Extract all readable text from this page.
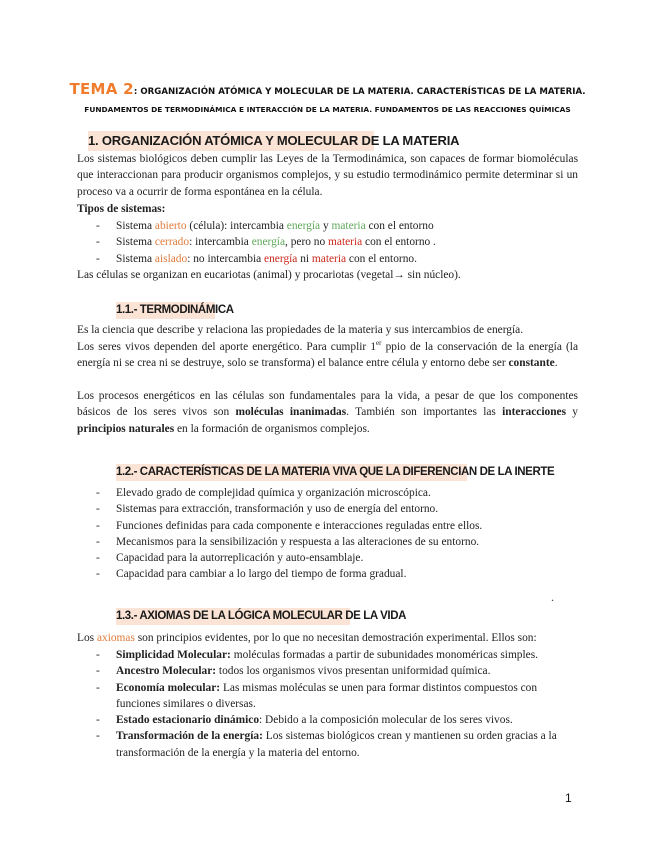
TEMA 2: ORGANIZACIÓN ATÓMICA Y MOLECULAR DE LA MATERIA. CARACTERÍSTICAS DE LA MATERIA.
FUNDAMENTOS DE TERMODINÁMICA E INTERACCIÓN DE LA MATERIA. FUNDAMENTOS DE LAS REACCIONES QUÍMICAS
1. ORGANIZACIÓN ATÓMICA Y MOLECULAR DE LA MATERIA
Los sistemas biológicos deben cumplir las Leyes de la Termodinámica, son capaces de formar biomoléculas que interaccionan para producir organismos complejos, y su estudio termodinámico permite determinar si un proceso va a ocurrir de forma espontánea en la célula.
Tipos de sistemas:
- Sistema abierto (célula): intercambia energía y materia con el entorno
- Sistema cerrado: intercambia energía, pero no materia con el entorno .
- Sistema aislado: no intercambia energía ni materia con el entorno.
Las células se organizan en eucariotas (animal) y procariotas (vegetal→ sin núcleo).
1.1.- TERMODINÁMICA
Es la ciencia que describe y relaciona las propiedades de la materia y sus intercambios de energía.
Los seres vivos dependen del aporte energético. Para cumplir 1er ppio de la conservación de la energía (la energía ni se crea ni se destruye, solo se transforma) el balance entre célula y entorno debe ser constante.
Los procesos energéticos en las células son fundamentales para la vida, a pesar de que los componentes básicos de los seres vivos son moléculas inanimadas. También son importantes las interacciones y principios naturales en la formación de organismos complejos.
1.2.- CARACTERÍSTICAS DE LA MATERIA VIVA QUE LA DIFERENCIAN DE LA INERTE
- Elevado grado de complejidad química y organización microscópica.
- Sistemas para extracción, transformación y uso de energía del entorno.
- Funciones definidas para cada componente e interacciones reguladas entre ellos.
- Mecanismos para la sensibilización y respuesta a las alteraciones de su entorno.
- Capacidad para la autorreplicación y auto-ensamblaje.
- Capacidad para cambiar a lo largo del tiempo de forma gradual.
.
1.3.- AXIOMAS DE LA LÓGICA MOLECULAR DE LA VIDA
Los axiomas son principios evidentes, por lo que no necesitan demostración experimental. Ellos son:
- Simplicidad Molecular: moléculas formadas a partir de subunidades monoméricas simples.
- Ancestro Molecular: todos los organismos vivos presentan uniformidad química.
- Economía molecular: Las mismas moléculas se unen para formar distintos compuestos con funciones similares o diversas.
- Estado estacionario dinámico: Debido a la composición molecular de los seres vivos.
- Transformación de la energía: Los sistemas biológicos crean y mantienen su orden gracias a la transformación de la energía y la materia del entorno.
1
